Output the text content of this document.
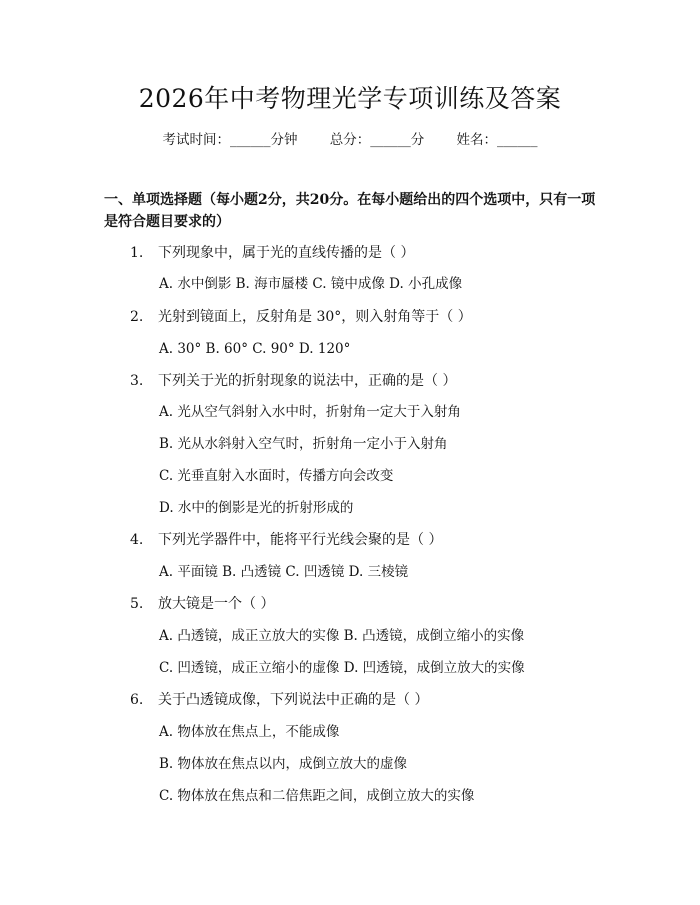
2026年中考物理光学专项训练及答案
考试时间：______分钟 总分：______分 姓名：______
一、单项选择题（每小题2分，共20分。在每小题给出的四个选项中，只有一项是符合题目要求的）
1. 下列现象中，属于光的直线传播的是（ ）
A. 水中倒影 B. 海市蜃楼 C. 镜中成像 D. 小孔成像
2. 光射到镜面上，反射角是 30°，则入射角等于（ ）
A. 30° B. 60° C. 90° D. 120°
3. 下列关于光的折射现象的说法中，正确的是（ ）
A. 光从空气斜射入水中时，折射角一定大于入射角
B. 光从水斜射入空气时，折射角一定小于入射角
C. 光垂直射入水面时，传播方向会改变
D. 水中的倒影是光的折射形成的
4. 下列光学器件中，能将平行光线会聚的是（ ）
A. 平面镜 B. 凸透镜 C. 凹透镜 D. 三棱镜
5. 放大镜是一个（ ）
A. 凸透镜，成正立放大的实像 B. 凸透镜，成倒立缩小的实像
C. 凹透镜，成正立缩小的虚像 D. 凹透镜，成倒立放大的实像
6. 关于凸透镜成像，下列说法中正确的是（ ）
A. 物体放在焦点上，不能成像
B. 物体放在焦点以内，成倒立放大的虚像
C. 物体放在焦点和二倍焦距之间，成倒立放大的实像
